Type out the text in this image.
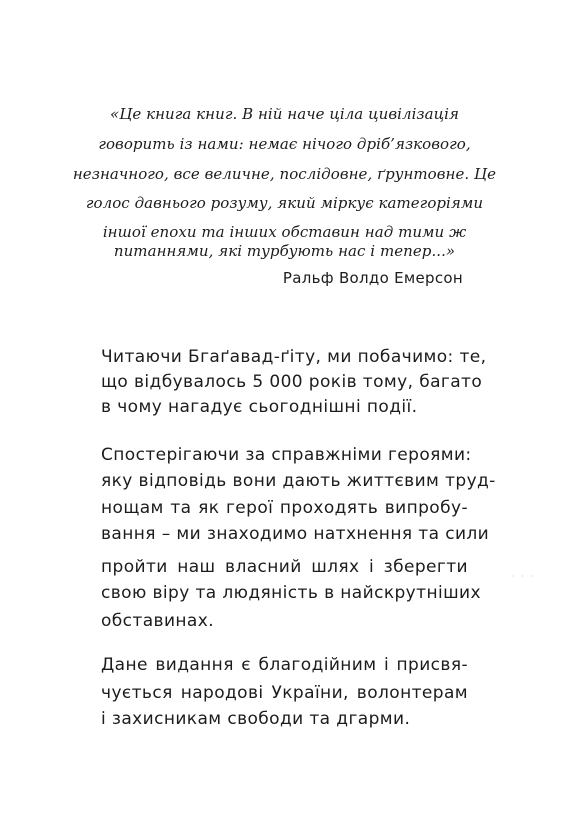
«Це книга книг. В ній наче ціла цивілізація
говорить із нами: немає нічого дріб’язкового,
незначного, все величне, послідовне, ґрунтовне. Це
голос давнього розуму, який міркує категоріями
іншої епохи та інших обставин над тими ж
питаннями, які турбують нас і тепер...»
Ральф Волдо Емерсон
Читаючи Бгаґавад-ґіту, ми побачимо: те,
що відбувалось 5 000 років тому, багато
в чому нагадує сьогоднішні події.
Спостерігаючи за справжніми героями:
яку відповідь вони дають життєвим труд-
нощам та як герої проходять випробу-
вання – ми знаходимо натхнення та сили
пройти наш власний шлях і зберегти
свою віру та людяність в найскрутніших
обставинах.
Дане видання є благодійним і присвя-
чується народові України, волонтерам
і захисникам свободи та дгарми.
· · ·
